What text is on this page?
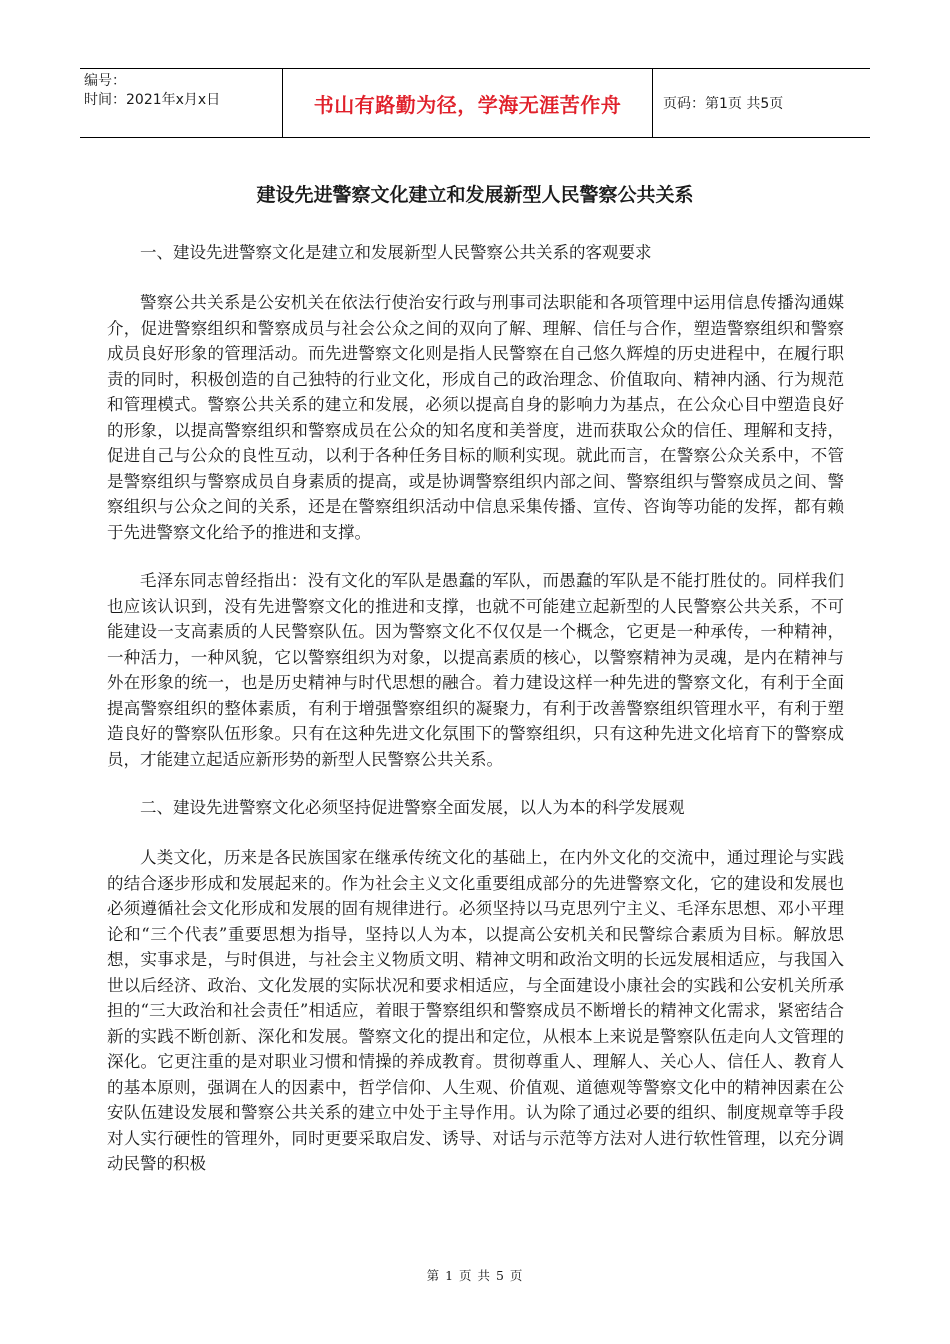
编号：
时间：2021年x月x日	书山有路勤为径，学海无涯苦作舟	页码：第1页 共5页
建设先进警察文化建立和发展新型人民警察公共关系

一、建设先进警察文化是建立和发展新型人民警察公共关系的客观要求

警察公共关系是公安机关在依法行使治安行政与刑事司法职能和各项管理中运用信息传播沟通媒介，促进警察组织和警察成员与社会公众之间的双向了解、理解、信任与合作，塑造警察组织和警察成员良好形象的管理活动。而先进警察文化则是指人民警察在自己悠久辉煌的历史进程中，在履行职责的同时，积极创造的自己独特的行业文化，形成自己的政治理念、价值取向、精神内涵、行为规范和管理模式。警察公共关系的建立和发展，必须以提高自身的影响力为基点，在公众心目中塑造良好的形象，以提高警察组织和警察成员在公众的知名度和美誉度，进而获取公众的信任、理解和支持，促进自己与公众的良性互动，以利于各种任务目标的顺利实现。就此而言，在警察公众关系中，不管是警察组织与警察成员自身素质的提高，或是协调警察组织内部之间、警察组织与警察成员之间、警察组织与公众之间的关系，还是在警察组织活动中信息采集传播、宣传、咨询等功能的发挥，都有赖于先进警察文化给予的推进和支撑。

毛泽东同志曾经指出：没有文化的军队是愚蠢的军队，而愚蠢的军队是不能打胜仗的。同样我们也应该认识到，没有先进警察文化的推进和支撑，也就不可能建立起新型的人民警察公共关系，不可能建设一支高素质的人民警察队伍。因为警察文化不仅仅是一个概念，它更是一种承传，一种精神，一种活力，一种风貌，它以警察组织为对象，以提高素质的核心，以警察精神为灵魂，是内在精神与外在形象的统一，也是历史精神与时代思想的融合。着力建设这样一种先进的警察文化，有利于全面提高警察组织的整体素质，有利于增强警察组织的凝聚力，有利于改善警察组织管理水平，有利于塑造良好的警察队伍形象。只有在这种先进文化氛围下的警察组织，只有这种先进文化培育下的警察成员，才能建立起适应新形势的新型人民警察公共关系。

二、建设先进警察文化必须坚持促进警察全面发展，以人为本的科学发展观

人类文化，历来是各民族国家在继承传统文化的基础上，在内外文化的交流中，通过理论与实践的结合逐步形成和发展起来的。作为社会主义文化重要组成部分的先进警察文化，它的建设和发展也必须遵循社会文化形成和发展的固有规律进行。必须坚持以马克思列宁主义、毛泽东思想、邓小平理论和“三个代表”重要思想为指导，坚持以人为本，以提高公安机关和民警综合素质为目标。解放思想，实事求是，与时俱进，与社会主义物质文明、精神文明和政治文明的长远发展相适应，与我国入世以后经济、政治、文化发展的实际状况和要求相适应，与全面建设小康社会的实践和公安机关所承担的“三大政治和社会责任”相适应，着眼于警察组织和警察成员不断增长的精神文化需求，紧密结合新的实践不断创新、深化和发展。警察文化的提出和定位，从根本上来说是警察队伍走向人文管理的深化。它更注重的是对职业习惯和情操的养成教育。贯彻尊重人、理解人、关心人、信任人、教育人的基本原则，强调在人的因素中，哲学信仰、人生观、价值观、道德观等警察文化中的精神因素在公安队伍建设发展和警察公共关系的建立中处于主导作用。认为除了通过必要的组织、制度规章等手段对人实行硬性的管理外，同时更要采取启发、诱导、对话与示范等方法对人进行软性管理，以充分调动民警的积极

第 1 页 共 5 页
